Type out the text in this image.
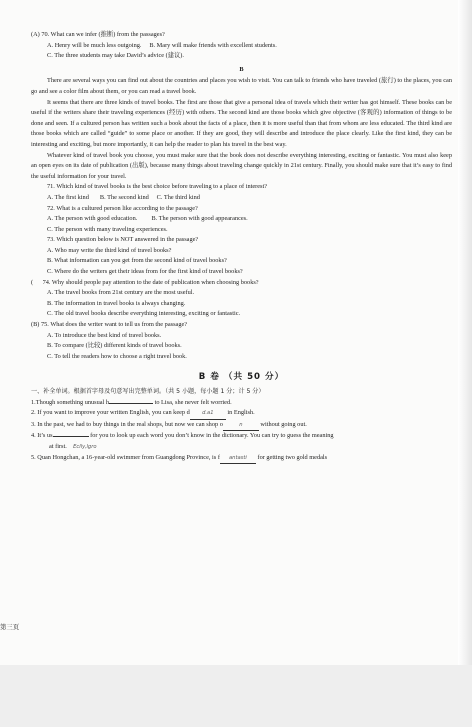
(A) 70. What can we infer (推断) from the passages?
A. Henry will be much less outgoing. B. Mary will make friends with excellent students.
C. The three students may take David’s advice (建议).
B
There are several ways you can find out about the countries and places you wish to visit. You can talk to friends who have traveled (旅行) to the places, you can go and see a color film about them, or you can read a travel book.
It seems that there are three kinds of travel books. The first are those that give a personal idea of travels which their writer has got himself. These books can be useful if the writers share their traveling experiences (经历) with others. The second kind are those books which give objective (客观的) information of things to be done and seen. If a cultured person has written such a book about the facts of a place, then it is more useful than that from whom are less educated. The third kind are those books which are called “guide” to some place or another. If they are good, they will describe and introduce the place clearly. Like the first kind, they can be interesting and exciting, but more importantly, it can help the reader to plan his travel in the best way.
Whatever kind of travel book you choose, you must make sure that the book does not describe everything interesting, exciting or fantastic. You must also keep an open eyes on its date of publication (出版), because many things about traveling change quickly in 21st century. Finally, you should make sure that it’s easy to find the useful information for your travel.
71. Which kind of travel books is the best choice before traveling to a place of interest?
A. The first kind B. The second kind C. The third kind
72. What is a cultured person like according to the passage?
A. The person with good education. B. The person with good appearances.
C. The person with many traveling experiences.
73. Which question below is NOT answered in the passage?
A. Who may write the third kind of travel books?
B. What information can you get from the second kind of travel books?
C. Where do the writers get their ideas from for the first kind of travel books?
( 74. Why should people pay attention to the date of publication when choosing books?
A. The travel books from 21st century are the most useful.
B. The information in travel books is always changing.
C. The old travel books describe everything interesting, exciting or fantastic.
(B) 75. What does the writer want to tell us from the passage?
A. To introduce the best kind of travel books.
B. To compare (比较) different kinds of travel books.
C. To tell the readers how to choose a right travel book.
B 卷 （共 50 分）
一、补全单词。根据首字母及句意写出完整单词。（共 5 小题，每小题 1 分；计 5 分）
1.Though something unusual h	to Lisa, she never felt worried.
2. If you want to improve your written English, you can keep d d.a1 in English.
3. In the past, we had to buy things in the real shops, but now we can shop o	n	without going out.
4. It’s us	for you to look up each word you don’t know in the dictionary. You can try to guess the meaning
at first. Eclly,lgro
5. Quan Hongchan, a 16-year-old swimmer from Guangdong Province, is f antasti for getting two gold medals
第三页
